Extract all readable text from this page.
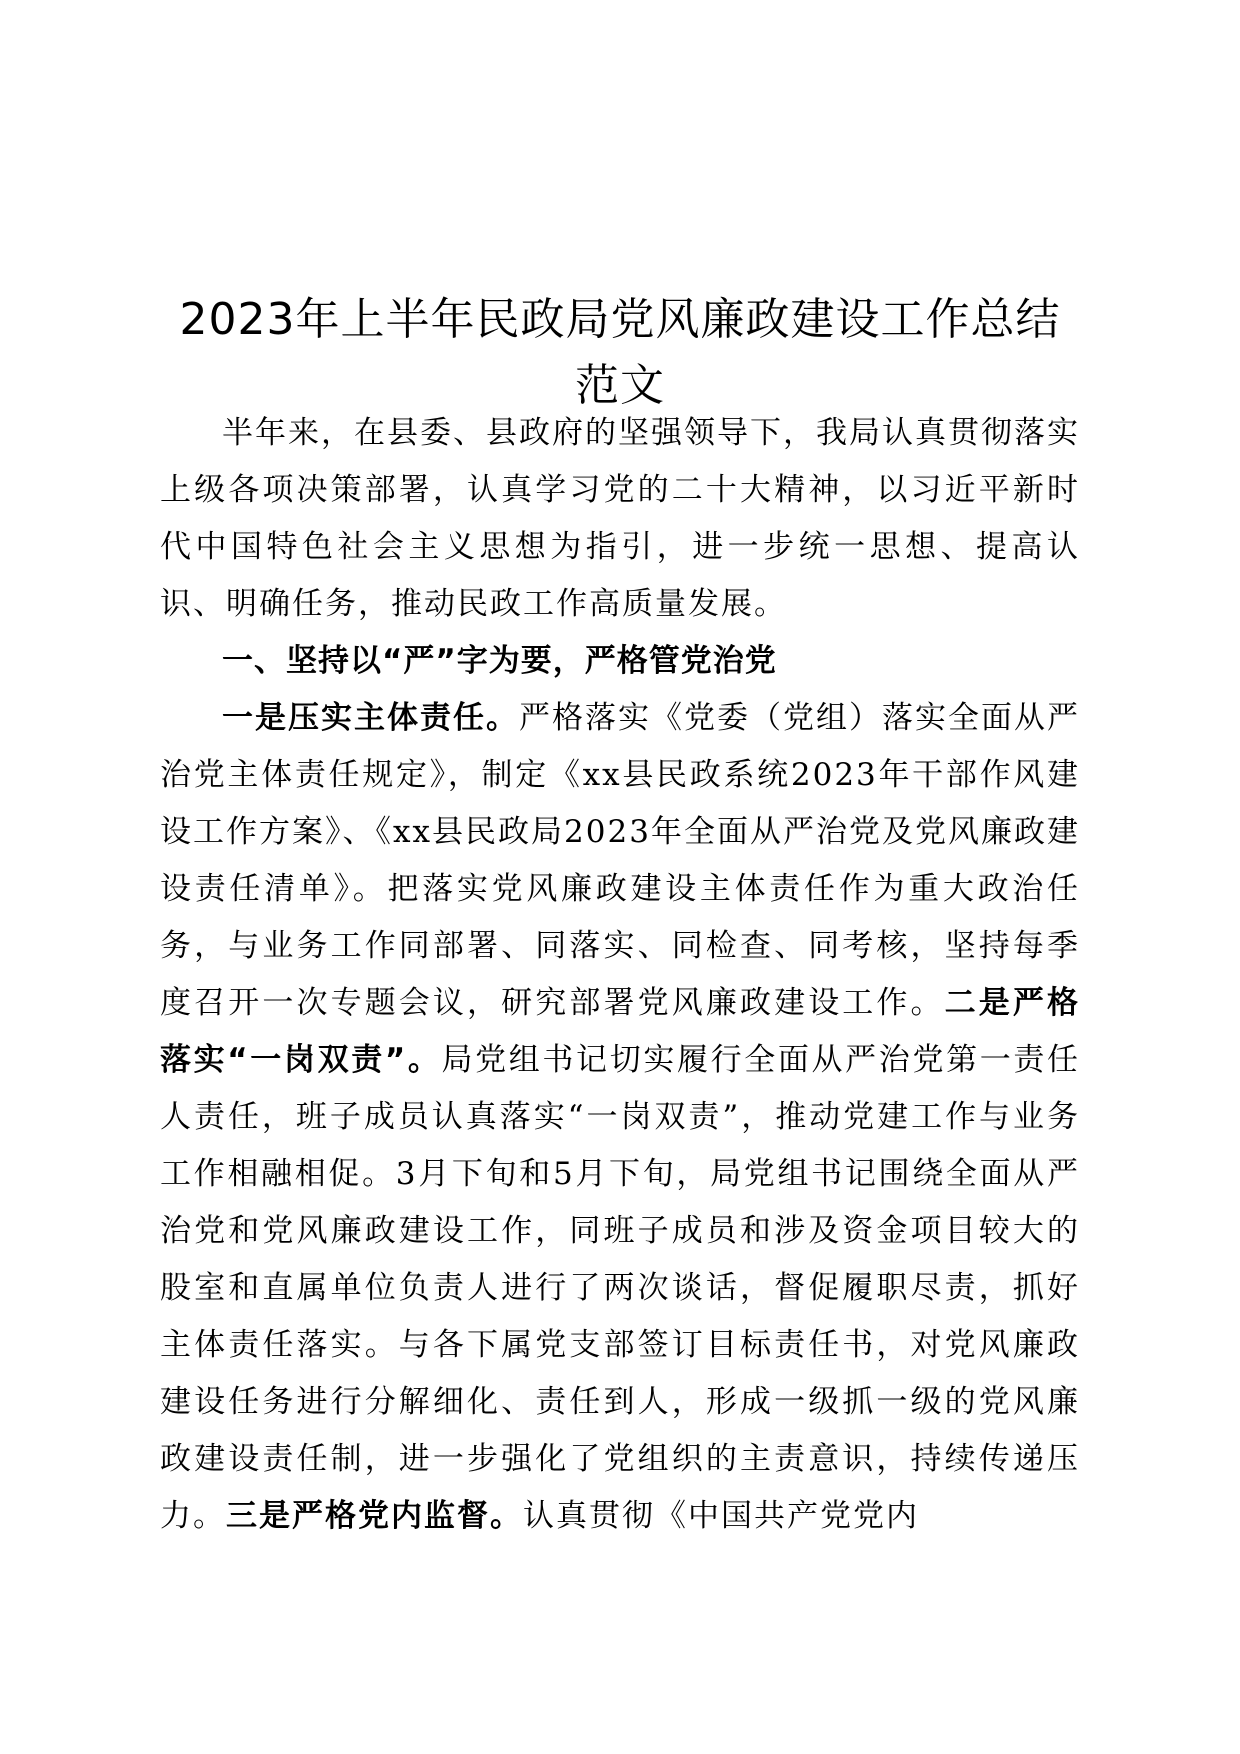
2023年上半年民政局党风廉政建设工作总结
范文

半年来，在县委、县政府的坚强领导下，我局认真贯彻落实上级各项决策部署，认真学习党的二十大精神，以习近平新时代中国特色社会主义思想为指引，进一步统一思想、提高认识、明确任务，推动民政工作高质量发展。

一、坚持以“严”字为要，严格管党治党

一是压实主体责任。严格落实《党委（党组）落实全面从严治党主体责任规定》，制定《xx县民政系统2023年干部作风建设工作方案》、《xx县民政局2023年全面从严治党及党风廉政建设责任清单》。把落实党风廉政建设主体责任作为重大政治任务，与业务工作同部署、同落实、同检查、同考核，坚持每季度召开一次专题会议，研究部署党风廉政建设工作。二是严格落实“一岗双责”。局党组书记切实履行全面从严治党第一责任人责任，班子成员认真落实“一岗双责”，推动党建工作与业务工作相融相促。3月下旬和5月下旬，局党组书记围绕全面从严治党和党风廉政建设工作，同班子成员和涉及资金项目较大的股室和直属单位负责人进行了两次谈话，督促履职尽责，抓好主体责任落实。与各下属党支部签订目标责任书，对党风廉政建设任务进行分解细化、责任到人，形成一级抓一级的党风廉政建设责任制，进一步强化了党组织的主责意识，持续传递压力。三是严格党内监督。认真贯彻《中国共产党党内
